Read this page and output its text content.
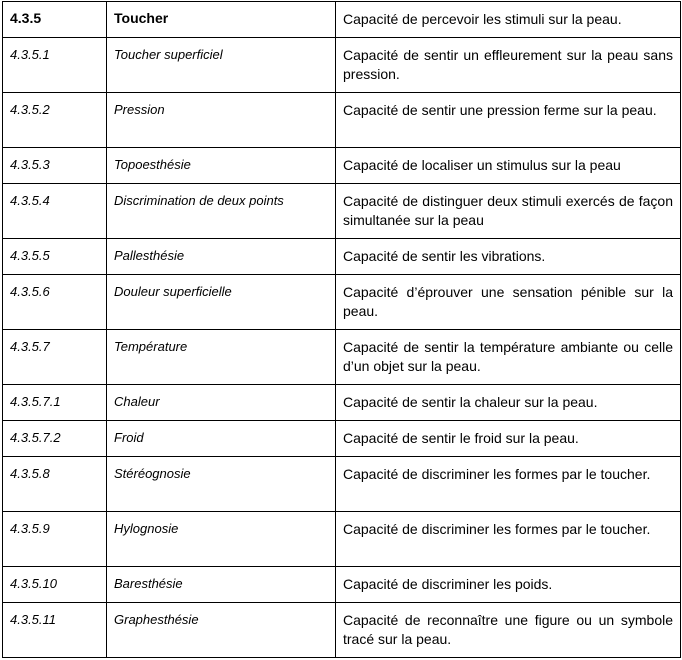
4.3.5	Toucher	Capacité de percevoir les stimuli sur la peau.
4.3.5.1	Toucher superficiel	Capacité de sentir un effleurement sur la peau sans pression.
4.3.5.2	Pression	Capacité de sentir une pression ferme sur la peau.
4.3.5.3	Topoesthésie	Capacité de localiser un stimulus sur la peau
4.3.5.4	Discrimination de deux points	Capacité de distinguer deux stimuli exercés de façon simultanée sur la peau
4.3.5.5	Pallesthésie	Capacité de sentir les vibrations.
4.3.5.6	Douleur superficielle	Capacité d’éprouver une sensation pénible sur la peau.
4.3.5.7	Température	Capacité de sentir la température ambiante ou celle d’un objet sur la peau.
4.3.5.7.1	Chaleur	Capacité de sentir la chaleur sur la peau.
4.3.5.7.2	Froid	Capacité de sentir le froid sur la peau.
4.3.5.8	Stéréognosie	Capacité de discriminer les formes par le toucher.
4.3.5.9	Hylognosie	Capacité de discriminer les formes par le toucher.
4.3.5.10	Baresthésie	Capacité de discriminer les poids.
4.3.5.11	Graphesthésie	Capacité de reconnaître une figure ou un symbole tracé sur la peau.
